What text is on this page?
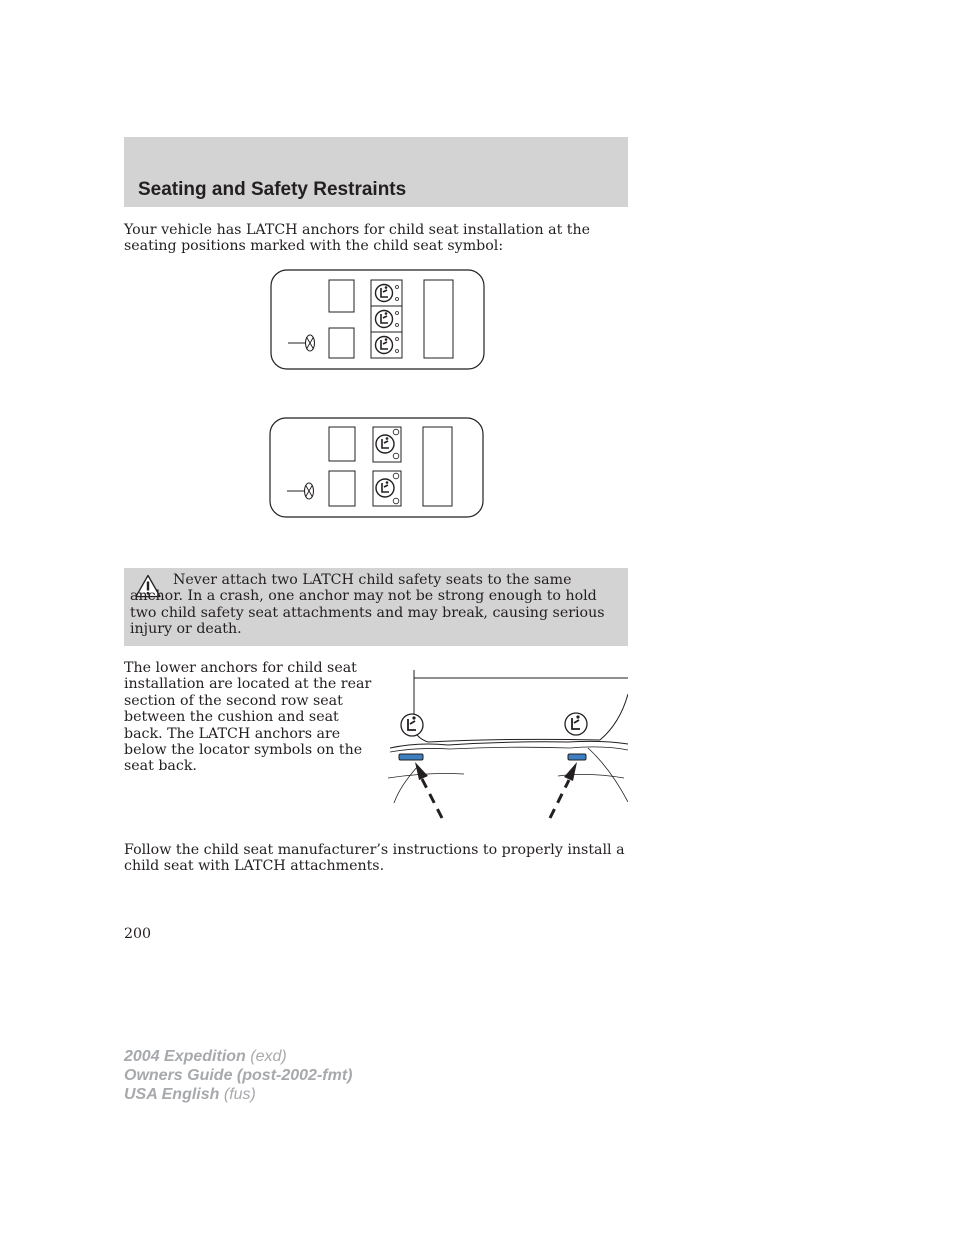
Seating and Safety Restraints

Your vehicle has LATCH anchors for child seat installation at the seating positions marked with the child seat symbol:

Never attach two LATCH child safety seats to the same anchor. In a crash, one anchor may not be strong enough to hold two child safety seat attachments and may break, causing serious injury or death.

The lower anchors for child seat installation are located at the rear section of the second row seat between the cushion and seat back. The LATCH anchors are below the locator symbols on the seat back.

Follow the child seat manufacturer’s instructions to properly install a child seat with LATCH attachments.

200

2004 Expedition (exd)
Owners Guide (post-2002-fmt)
USA English (fus)
